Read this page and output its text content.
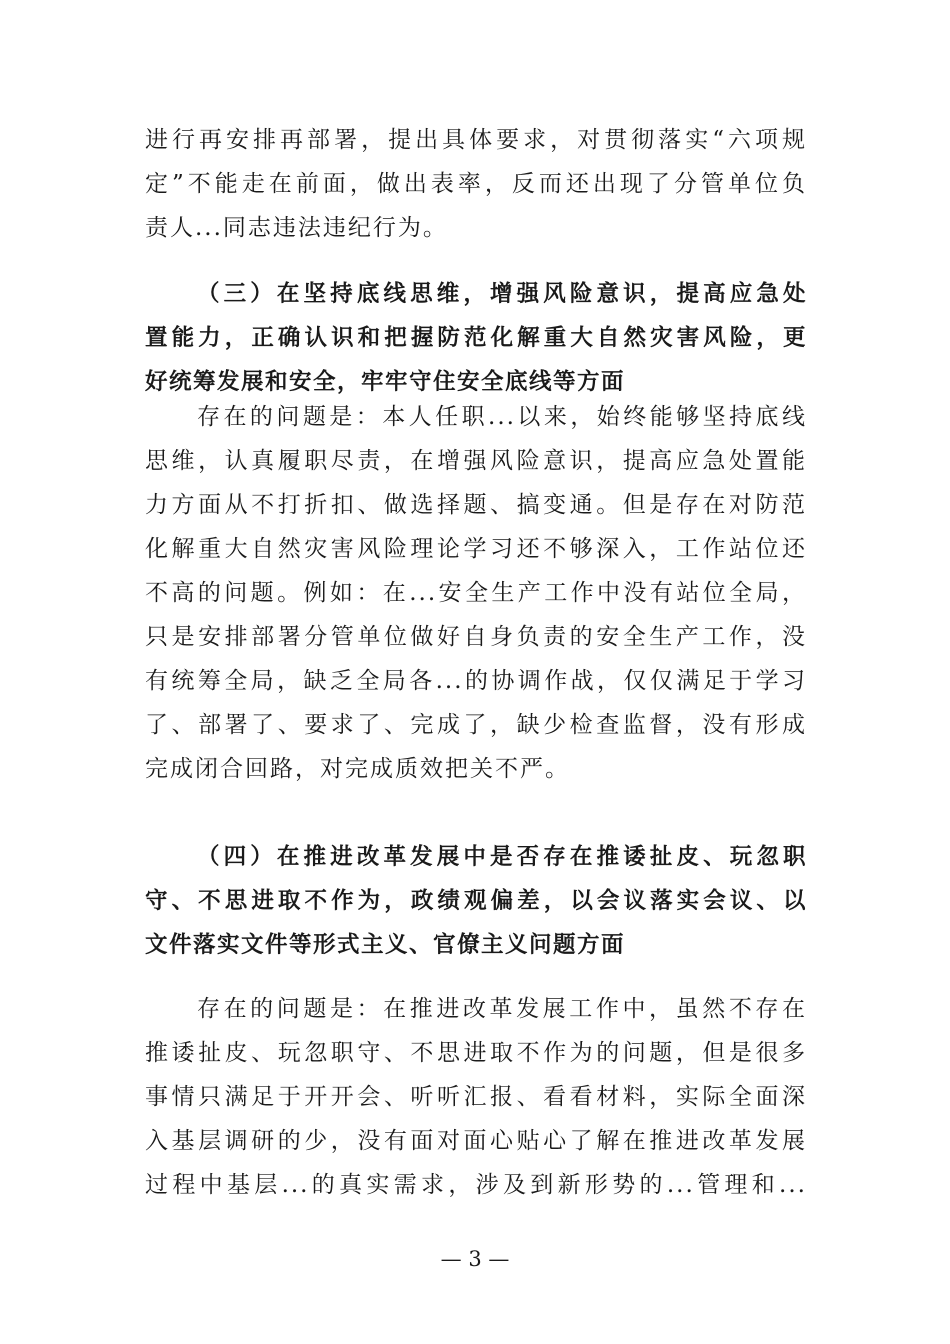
进行再安排再部署，提出具体要求，对贯彻落实“六项规
定”不能走在前面，做出表率，反而还出现了分管单位负
责人...同志违法违纪行为。
（三）在坚持底线思维，增强风险意识，提高应急处
置能力，正确认识和把握防范化解重大自然灾害风险，更
好统筹发展和安全，牢牢守住安全底线等方面
存在的问题是：本人任职...以来，始终能够坚持底线
思维，认真履职尽责，在增强风险意识，提高应急处置能
力方面从不打折扣、做选择题、搞变通。但是存在对防范
化解重大自然灾害风险理论学习还不够深入，工作站位还
不高的问题。例如：在...安全生产工作中没有站位全局，
只是安排部署分管单位做好自身负责的安全生产工作，没
有统筹全局，缺乏全局各...的协调作战，仅仅满足于学习
了、部署了、要求了、完成了，缺少检查监督，没有形成
完成闭合回路，对完成质效把关不严。
（四）在推进改革发展中是否存在推诿扯皮、玩忽职
守、不思进取不作为，政绩观偏差，以会议落实会议、以
文件落实文件等形式主义、官僚主义问题方面
存在的问题是：在推进改革发展工作中，虽然不存在
推诿扯皮、玩忽职守、不思进取不作为的问题，但是很多
事情只满足于开开会、听听汇报、看看材料，实际全面深
入基层调研的少，没有面对面心贴心了解在推进改革发展
过程中基层...的真实需求，涉及到新形势的...管理和...
— 3 —
